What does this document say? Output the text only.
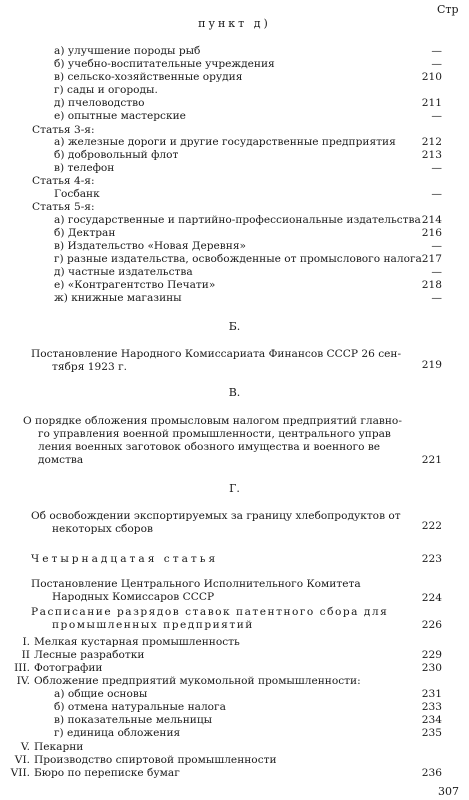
Стр
пункт д)
а) улучшение породы рыб	—
б) учебно-воспитательные учреждения	—
в) сельско-хозяйственные орудия	210
г) сады и огороды.
д) пчеловодство	211
е) опытные мастерские	—
Статья 3-я:
а) железные дороги и другие государственные предприятия 212
б) добровольный флот	213
в) телефон	—
Статья 4-я:
Госбанк	—
Статья 5-я:
а) государственные и партийно-профессиональные издательства 214
б) Дектран	216
в) Издательство «Новая Деревня»	—
г) разные издательства, освобожденные от промыслового налога 217
д) частные издательства	—
е) «Контрагентство Печати»	218
ж) книжные магазины	—
Б.
Постановление Народного Комиссариата Финансов СССР 26 сен-
тября 1923 г.	219
В.
О порядке обложения промысловым налогом предприятий главно-
го управления военной промышленности, центрального управ
ления военных заготовок обозного имущества и военного ве
домства	221
Г.
Об освобождении экспортируемых за границу хлебопродуктов от
некоторых сборов	222
Четырнадцатая статья	223
Постановление Центрального Исполнительного Комитета
Народных Комиссаров СССР	224
Расписание разрядов ставок патентного сбора для
промышленных предприятий	226
I. Мелкая кустарная промышленность
II Лесные разработки	229
III. Фотографии	230
IV. Обложение предприятий мукомольной промышленности:
а) общие основы	231
б) отмена натуральные налога	233
в) показательные мельницы	234
г) единица обложения	235
V. Пекарни
VI. Производство спиртовой промышленности
VII. Бюро по переписке бумаг	236
307
